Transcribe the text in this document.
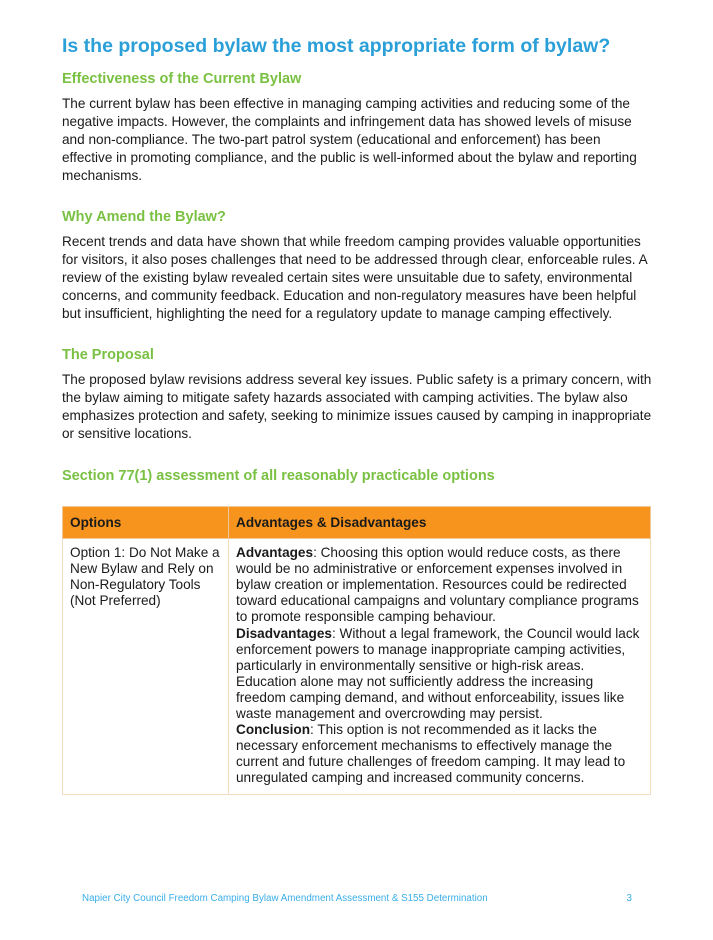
Is the proposed bylaw the most appropriate form of bylaw?
Effectiveness of the Current Bylaw

The current bylaw has been effective in managing camping activities and reducing some of the negative impacts. However, the complaints and infringement data has showed levels of misuse and non-compliance. The two-part patrol system (educational and enforcement) has been effective in promoting compliance, and the public is well-informed about the bylaw and reporting mechanisms.

Why Amend the Bylaw?

Recent trends and data have shown that while freedom camping provides valuable opportunities for visitors, it also poses challenges that need to be addressed through clear, enforceable rules. A review of the existing bylaw revealed certain sites were unsuitable due to safety, environmental concerns, and community feedback. Education and non-regulatory measures have been helpful but insufficient, highlighting the need for a regulatory update to manage camping effectively.

The Proposal

The proposed bylaw revisions address several key issues. Public safety is a primary concern, with the bylaw aiming to mitigate safety hazards associated with camping activities. The bylaw also emphasizes protection and safety, seeking to minimize issues caused by camping in inappropriate or sensitive locations.

Section 77(1) assessment of all reasonably practicable options
Options	Advantages & Disadvantages
Option 1: Do Not Make a New Bylaw and Rely on Non-Regulatory Tools (Not Preferred)	Advantages: Choosing this option would reduce costs, as there would be no administrative or enforcement expenses involved in bylaw creation or implementation. Resources could be redirected toward educational campaigns and voluntary compliance programs to promote responsible camping behaviour.
Disadvantages: Without a legal framework, the Council would lack enforcement powers to manage inappropriate camping activities, particularly in environmentally sensitive or high-risk areas. Education alone may not sufficiently address the increasing freedom camping demand, and without enforceability, issues like waste management and overcrowding may persist.
Conclusion: This option is not recommended as it lacks the necessary enforcement mechanisms to effectively manage the current and future challenges of freedom camping. It may lead to unregulated camping and increased community concerns.
Napier City Council Freedom Camping Bylaw Amendment Assessment & S155 Determination	3
